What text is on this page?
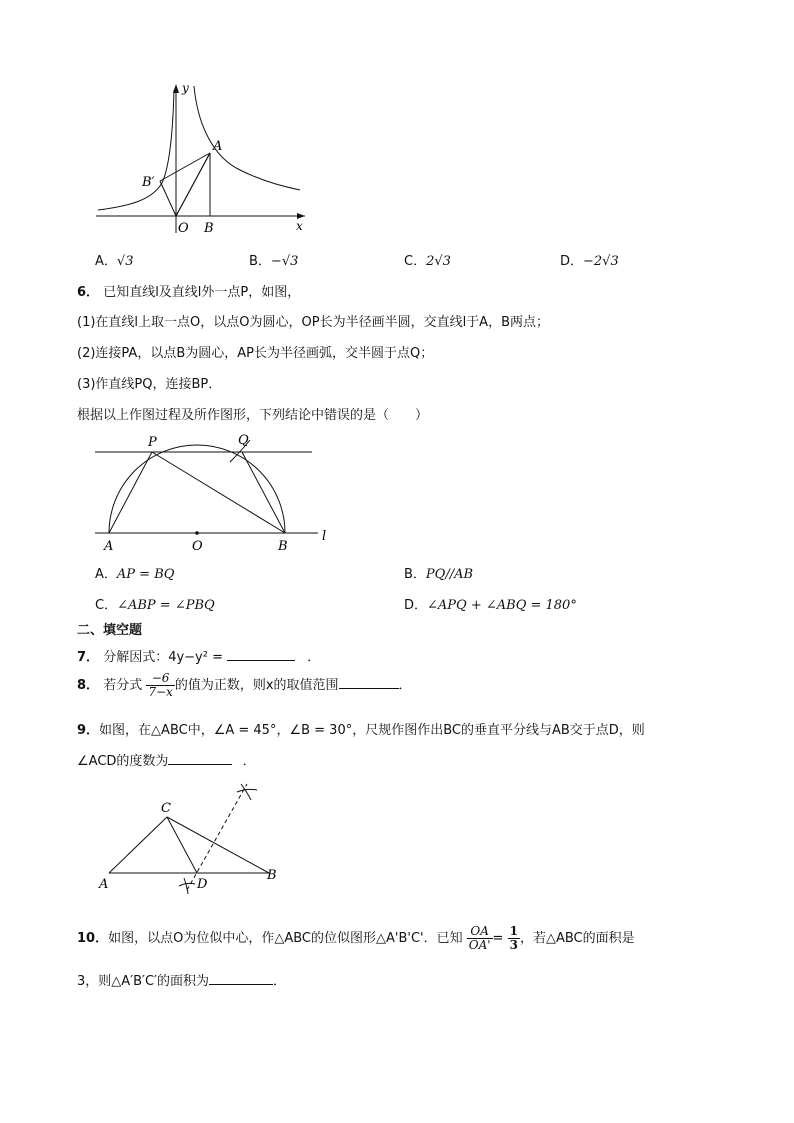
y
x
O B
A
B′
A．√3	B．−√3	C．2√3	D．−2√3
6． 已知直线l及直线l外一点P，如图，
(1)在直线l上取一点O，以点O为圆心，OP长为半径画半圆，交直线l于A，B两点；
(2)连接PA，以点B为圆心，AP长为半径画弧，交半圆于点Q；
(3)作直线PQ，连接BP．
根据以上作图过程及所作图形，下列结论中错误的是（　　）
P	Q
A	O	B
l
A．AP = BQ	B．PQ//AB
C．∠ABP = ∠PBQ	D．∠APQ + ∠ABQ = 180°
二、填空题
7． 分解因式：4y−y² =	．
8． 若分式 $\frac{-6}{7-x}$ 的值为正数，则x的取值范围	．
9．如图，在△ABC中，∠A = 45°，∠B = 30°，尺规作图作出BC的垂直平分线与AB交于点D，则
∠ACD的度数为	．
C
A	D
B
10．如图，以点O为位似中心，作△ABC的位似图形△A'B'C'．已知 $\frac{OA}{OA'} = \frac{1}{3}$ ，若△ABC的面积是
3，则△A′B′C′的面积为	．
